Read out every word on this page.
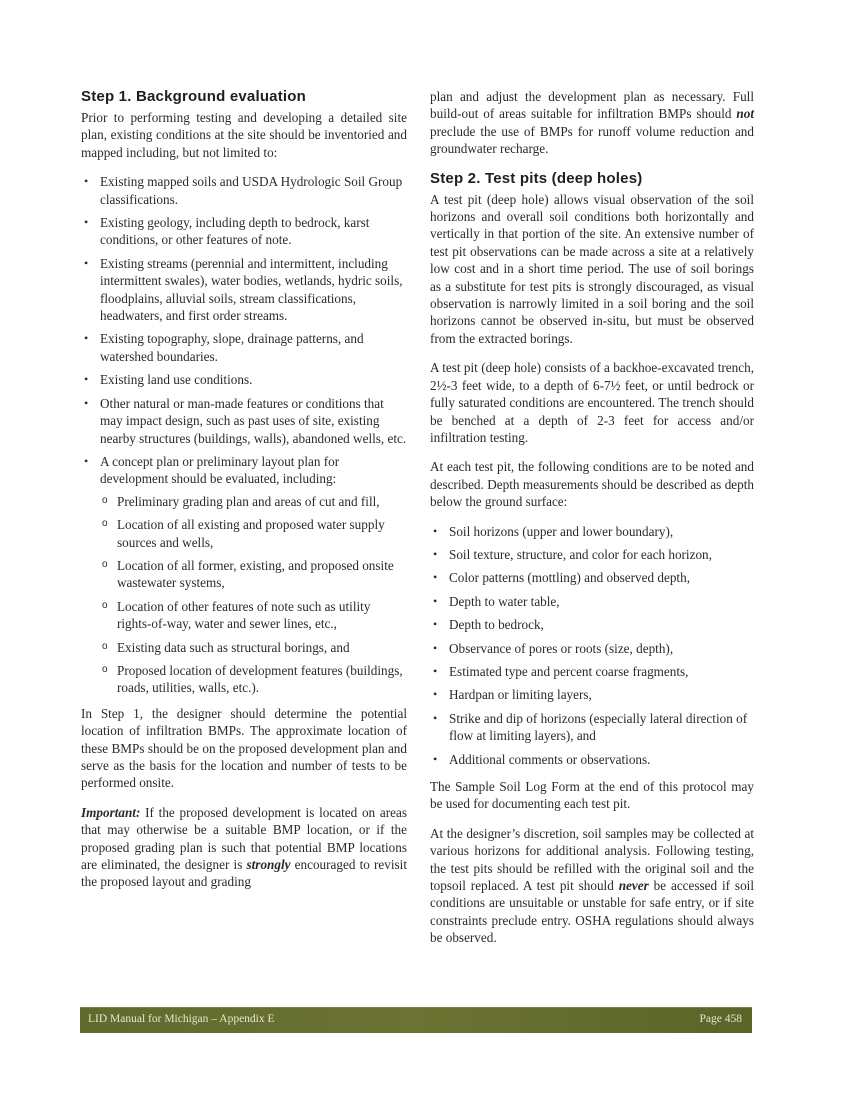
Step 1. Background evaluation

Prior to performing testing and developing a detailed site plan, existing conditions at the site should be inventoried and mapped including, but not limited to:

• Existing mapped soils and USDA Hydrologic Soil Group classifications.
• Existing geology, including depth to bedrock, karst conditions, or other features of note.
• Existing streams (perennial and intermittent, including intermittent swales), water bodies, wetlands, hydric soils, floodplains, alluvial soils, stream classifications, headwaters, and first order streams.
• Existing topography, slope, drainage patterns, and watershed boundaries.
• Existing land use conditions.
• Other natural or man-made features or conditions that may impact design, such as past uses of site, existing nearby structures (buildings, walls), abandoned wells, etc.
• A concept plan or preliminary layout plan for development should be evaluated, including:
o Preliminary grading plan and areas of cut and fill,
o Location of all existing and proposed water supply sources and wells,
o Location of all former, existing, and proposed onsite wastewater systems,
o Location of other features of note such as utility rights-of-way, water and sewer lines, etc.,
o Existing data such as structural borings, and
o Proposed location of development features (buildings, roads, utilities, walls, etc.).

In Step 1, the designer should determine the potential location of infiltration BMPs. The approximate location of these BMPs should be on the proposed development plan and serve as the basis for the location and number of tests to be performed onsite.

Important: If the proposed development is located on areas that may otherwise be a suitable BMP location, or if the proposed grading plan is such that potential BMP locations are eliminated, the designer is strongly encouraged to revisit the proposed layout and grading

plan and adjust the development plan as necessary. Full build-out of areas suitable for infiltration BMPs should not preclude the use of BMPs for runoff volume reduction and groundwater recharge.

Step 2. Test pits (deep holes)

A test pit (deep hole) allows visual observation of the soil horizons and overall soil conditions both horizontally and vertically in that portion of the site. An extensive number of test pit observations can be made across a site at a relatively low cost and in a short time period. The use of soil borings as a substitute for test pits is strongly discouraged, as visual observation is narrowly limited in a soil boring and the soil horizons cannot be observed in-situ, but must be observed from the extracted borings.

A test pit (deep hole) consists of a backhoe-excavated trench, 2½-3 feet wide, to a depth of 6-7½ feet, or until bedrock or fully saturated conditions are encountered. The trench should be benched at a depth of 2-3 feet for access and/or infiltration testing.

At each test pit, the following conditions are to be noted and described. Depth measurements should be described as depth below the ground surface:

• Soil horizons (upper and lower boundary),
• Soil texture, structure, and color for each horizon,
• Color patterns (mottling) and observed depth,
• Depth to water table,
• Depth to bedrock,
• Observance of pores or roots (size, depth),
• Estimated type and percent coarse fragments,
• Hardpan or limiting layers,
• Strike and dip of horizons (especially lateral direction of flow at limiting layers), and
• Additional comments or observations.

The Sample Soil Log Form at the end of this protocol may be used for documenting each test pit.

At the designer’s discretion, soil samples may be collected at various horizons for additional analysis. Following testing, the test pits should be refilled with the original soil and the topsoil replaced. A test pit should never be accessed if soil conditions are unsuitable or unstable for safe entry, or if site constraints preclude entry. OSHA regulations should always be observed.

LID Manual for Michigan – Appendix E	Page 458
